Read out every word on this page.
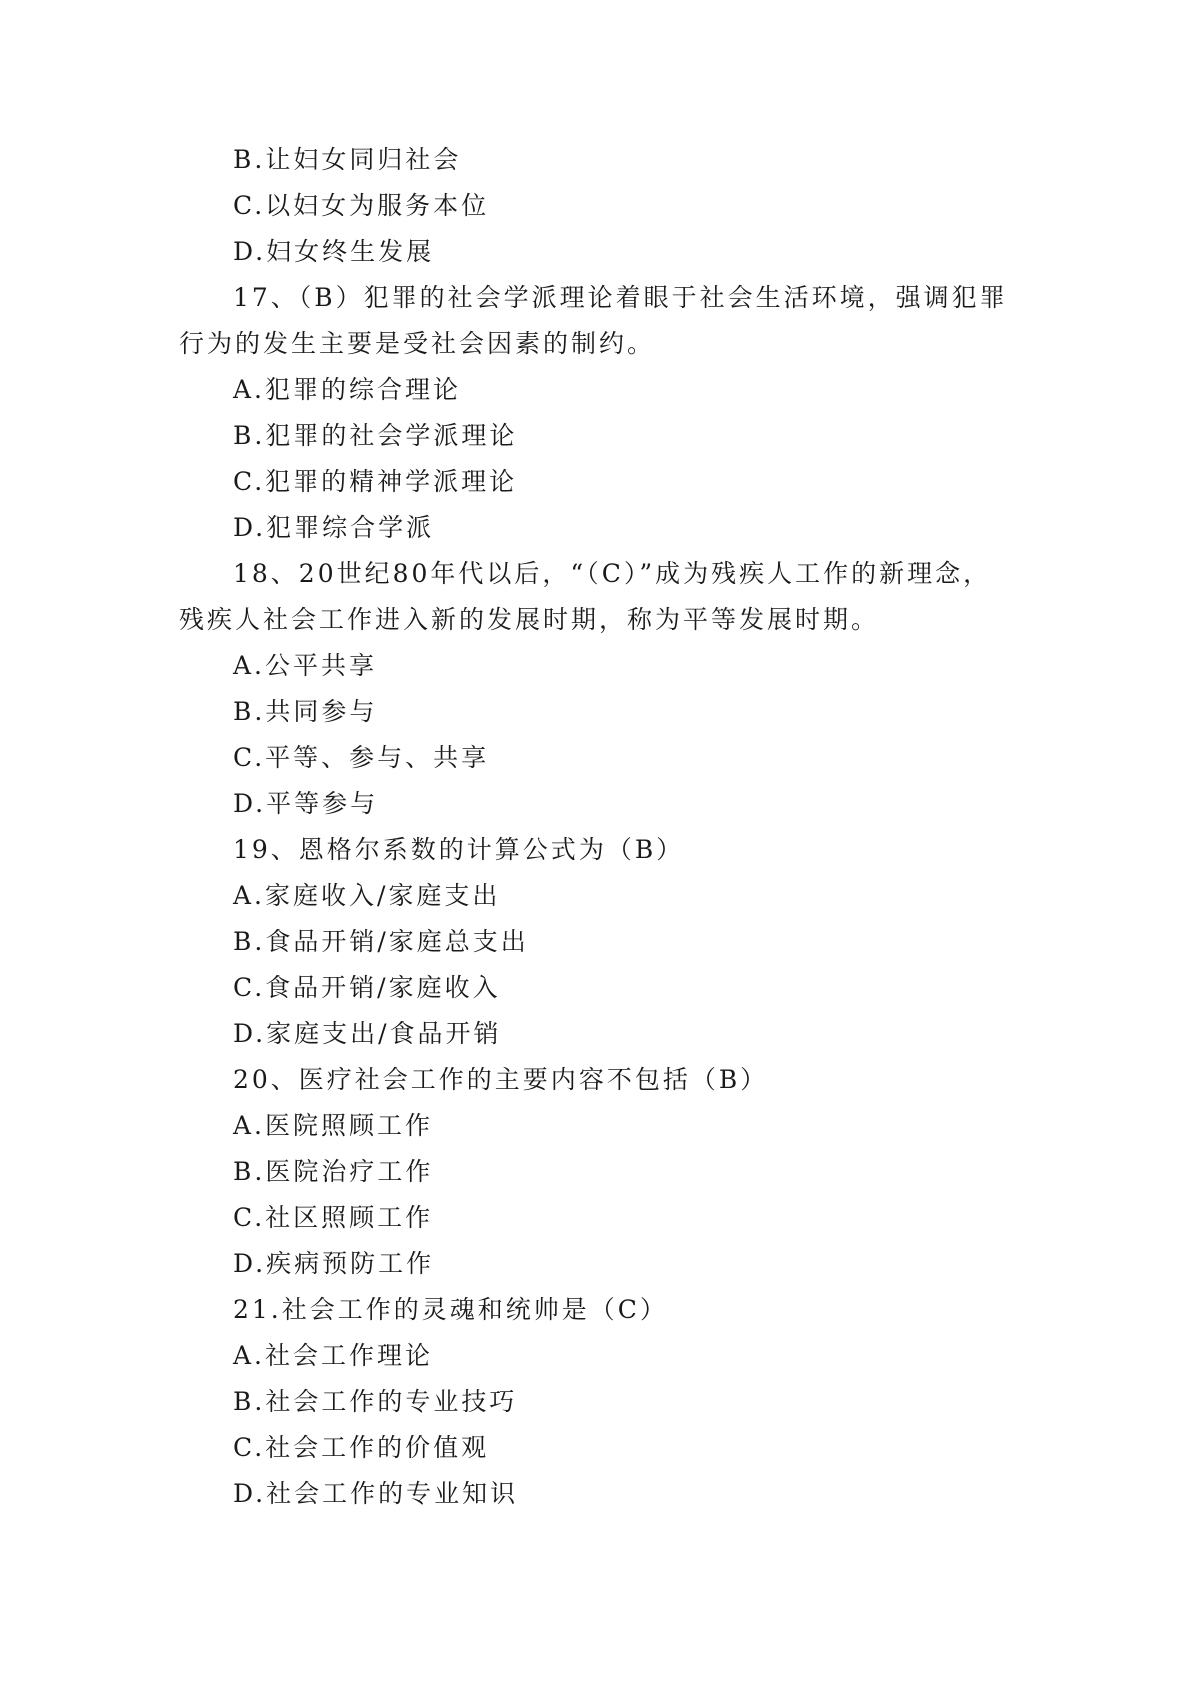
B.让妇女同归社会
C.以妇女为服务本位
D.妇女终生发展
17、（B）犯罪的社会学派理论着眼于社会生活环境，强调犯罪
行为的发生主要是受社会因素的制约。
A.犯罪的综合理论
B.犯罪的社会学派理论
C.犯罪的精神学派理论
D.犯罪综合学派
18、20世纪80年代以后，“（C）”成为残疾人工作的新理念，
残疾人社会工作进入新的发展时期，称为平等发展时期。
A.公平共享
B.共同参与
C.平等、参与、共享
D.平等参与
19、恩格尔系数的计算公式为（B）
A.家庭收入/家庭支出
B.食品开销/家庭总支出
C.食品开销/家庭收入
D.家庭支出/食品开销
20、医疗社会工作的主要内容不包括（B）
A.医院照顾工作
B.医院治疗工作
C.社区照顾工作
D.疾病预防工作
21.社会工作的灵魂和统帅是（C）
A.社会工作理论
B.社会工作的专业技巧
C.社会工作的价值观
D.社会工作的专业知识
